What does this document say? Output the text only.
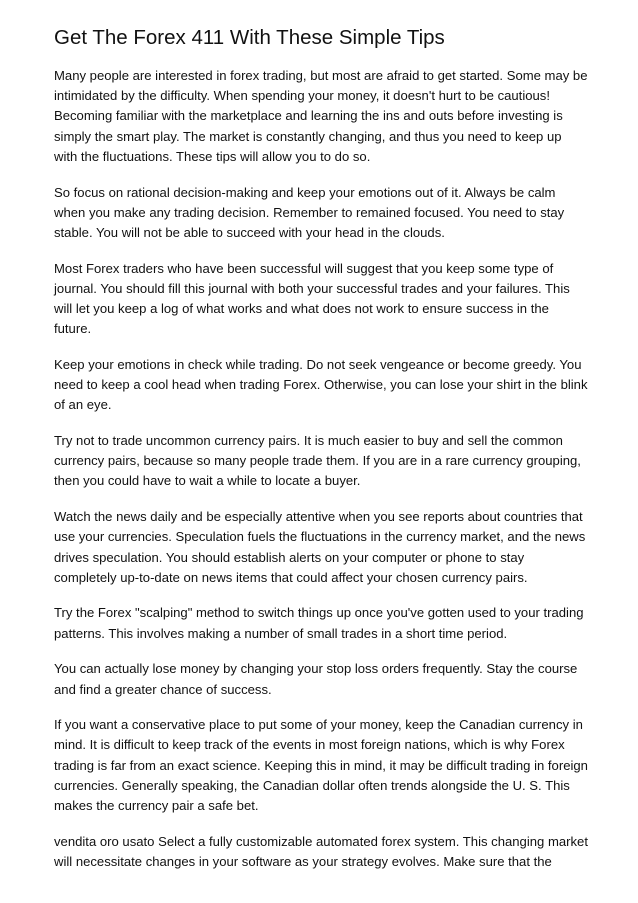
Get The Forex 411 With These Simple Tips

Many people are interested in forex trading, but most are afraid to get started. Some may be intimidated by the difficulty. When spending your money, it doesn't hurt to be cautious! Becoming familiar with the marketplace and learning the ins and outs before investing is simply the smart play. The market is constantly changing, and thus you need to keep up with the fluctuations. These tips will allow you to do so.

So focus on rational decision-making and keep your emotions out of it. Always be calm when you make any trading decision. Remember to remained focused. You need to stay stable. You will not be able to succeed with your head in the clouds.

Most Forex traders who have been successful will suggest that you keep some type of journal. You should fill this journal with both your successful trades and your failures. This will let you keep a log of what works and what does not work to ensure success in the future.

Keep your emotions in check while trading. Do not seek vengeance or become greedy. You need to keep a cool head when trading Forex. Otherwise, you can lose your shirt in the blink of an eye.

Try not to trade uncommon currency pairs. It is much easier to buy and sell the common currency pairs, because so many people trade them. If you are in a rare currency grouping, then you could have to wait a while to locate a buyer.

Watch the news daily and be especially attentive when you see reports about countries that use your currencies. Speculation fuels the fluctuations in the currency market, and the news drives speculation. You should establish alerts on your computer or phone to stay completely up-to-date on news items that could affect your chosen currency pairs.

Try the Forex "scalping" method to switch things up once you've gotten used to your trading patterns. This involves making a number of small trades in a short time period.

You can actually lose money by changing your stop loss orders frequently. Stay the course and find a greater chance of success.

If you want a conservative place to put some of your money, keep the Canadian currency in mind. It is difficult to keep track of the events in most foreign nations, which is why Forex trading is far from an exact science. Keeping this in mind, it may be difficult trading in foreign currencies. Generally speaking, the Canadian dollar often trends alongside the U. S. This makes the currency pair a safe bet.

vendita oro usato Select a fully customizable automated forex system. This changing market will necessitate changes in your software as your strategy evolves. Make sure that the
